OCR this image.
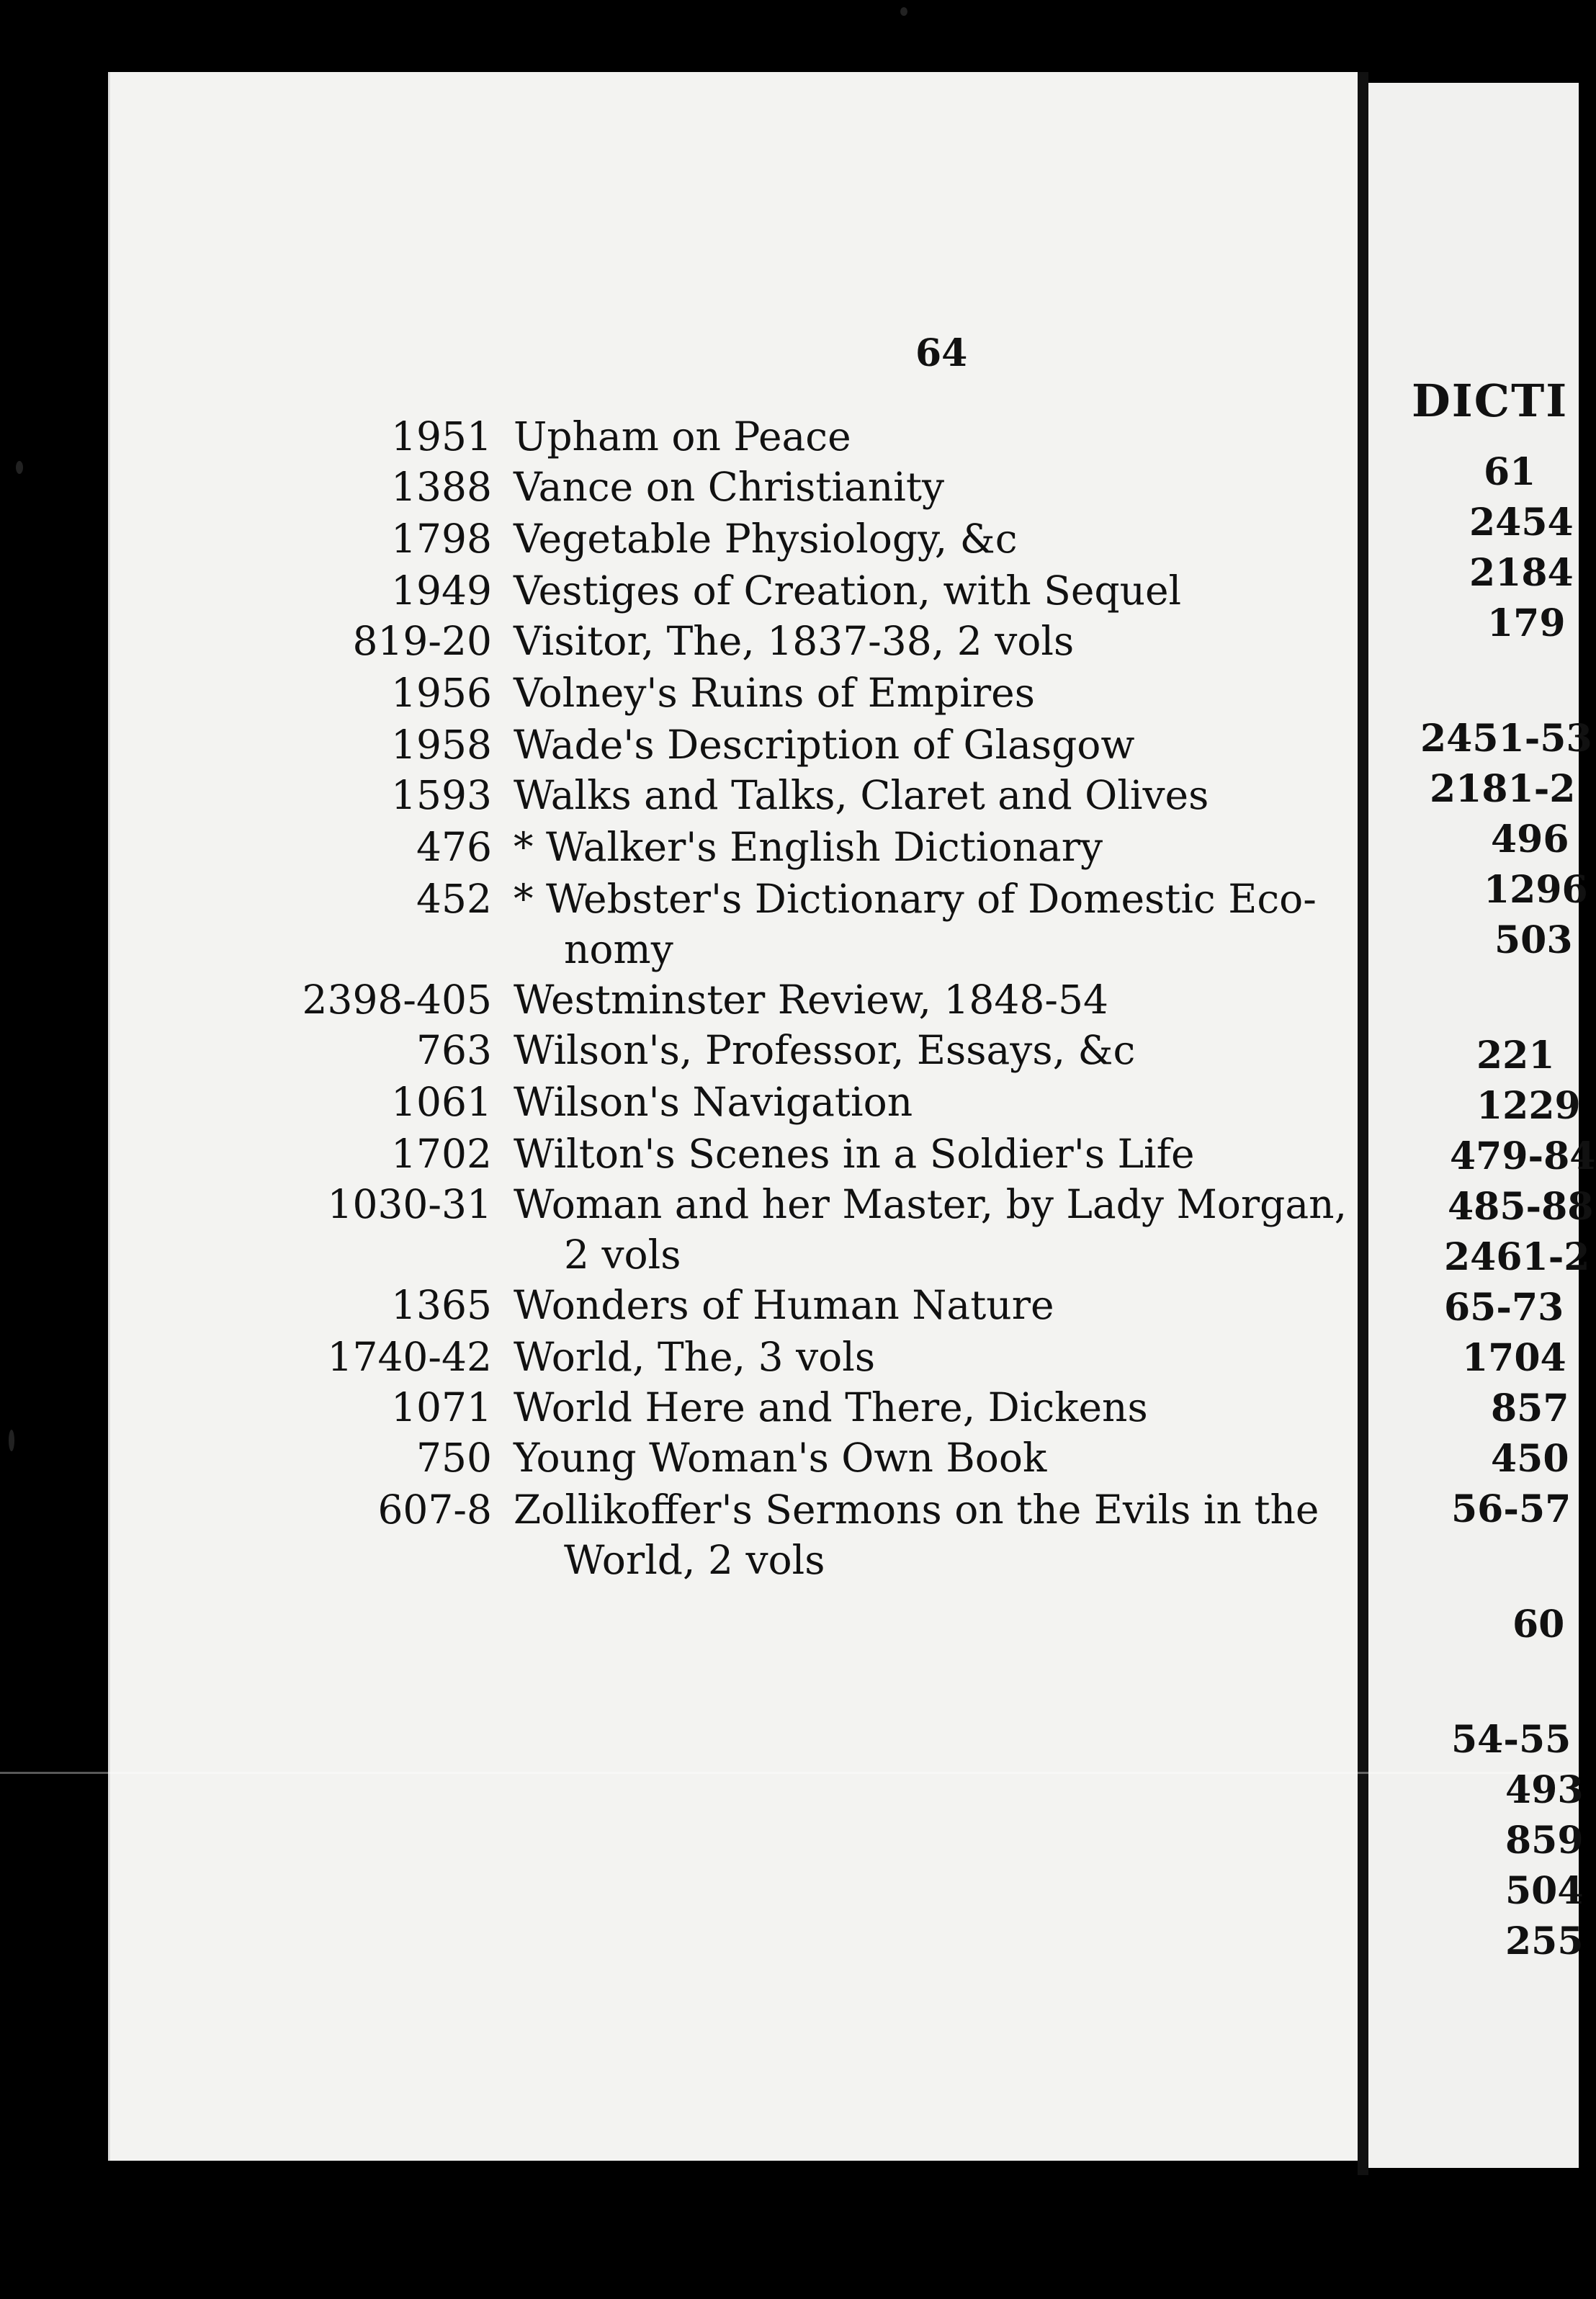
64
1951 Upham on Peace
1388 Vance on Christianity
1798 Vegetable Physiology, &c
1949 Vestiges of Creation, with Sequel
819-20 Visitor, The, 1837-38, 2 vols
1956 Volney's Ruins of Empires
1958 Wade's Description of Glasgow
1593 Walks and Talks, Claret and Olives
476 * Walker's English Dictionary
452 * Webster's Dictionary of Domestic Eco-
nomy
2398-405 Westminster Review, 1848-54
763 Wilson's, Professor, Essays, &c
1061 Wilson's Navigation
1702 Wilton's Scenes in a Soldier's Life
1030-31 Woman and her Master, by Lady Morgan,
2 vols
1365 Wonders of Human Nature
1740-42 World, The, 3 vols
1071 World Here and There, Dickens
750 Young Woman's Own Book
607-8 Zollikoffer's Sermons on the Evils in the
World, 2 vols
DICTI
61
2454
2184
179
2451-53
2181-2
496
1296
503
221
1229
479-84
485-88
2461-2
65-73
1704
857
450
56-57
60
54-55
493
859
504
255
